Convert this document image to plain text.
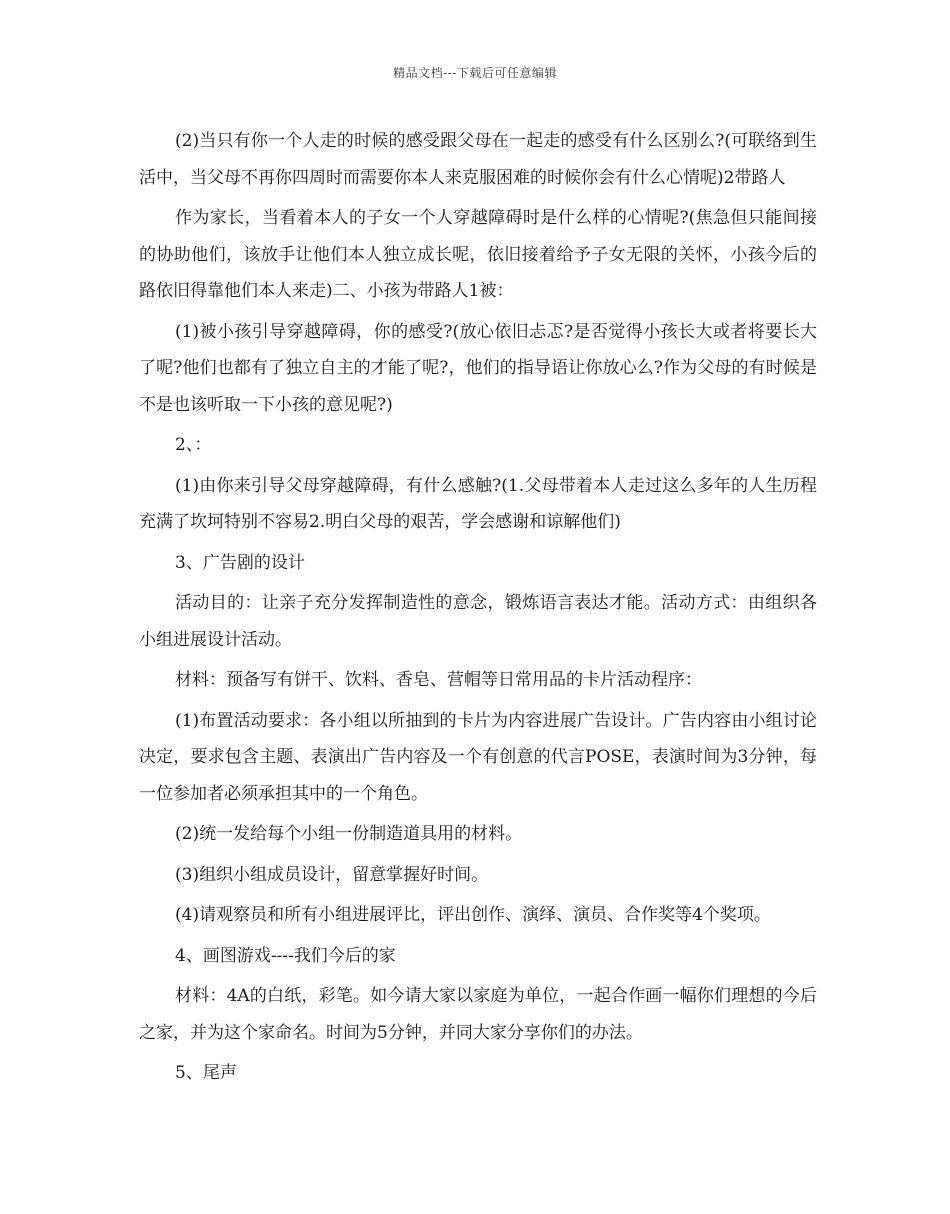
精品文档---下载后可任意编辑

(2)当只有你一个人走的时候的感受跟父母在一起走的感受有什么区别么?(可联络到生活中，当父母不再你四周时而需要你本人来克服困难的时候你会有什么心情呢)2带路人

作为家长，当看着本人的子女一个人穿越障碍时是什么样的心情呢?(焦急但只能间接的协助他们，该放手让他们本人独立成长呢，依旧接着给予子女无限的关怀，小孩今后的路依旧得靠他们本人来走)二、小孩为带路人1被：

(1)被小孩引导穿越障碍，你的感受?(放心依旧忐忑?是否觉得小孩长大或者将要长大了呢?他们也都有了独立自主的才能了呢?，他们的指导语让你放心么?作为父母的有时候是不是也该听取一下小孩的意见呢?)

2、：

(1)由你来引导父母穿越障碍，有什么感触?(1.父母带着本人走过这么多年的人生历程充满了坎坷特别不容易2.明白父母的艰苦，学会感谢和谅解他们)

3、广告剧的设计

活动目的：让亲子充分发挥制造性的意念，锻炼语言表达才能。活动方式：由组织各小组进展设计活动。

材料：预备写有饼干、饮料、香皂、营帽等日常用品的卡片活动程序：

(1)布置活动要求：各小组以所抽到的卡片为内容进展广告设计。广告内容由小组讨论决定，要求包含主题、表演出广告内容及一个有创意的代言POSE，表演时间为3分钟，每一位参加者必须承担其中的一个角色。

(2)统一发给每个小组一份制造道具用的材料。

(3)组织小组成员设计，留意掌握好时间。

(4)请观察员和所有小组进展评比，评出创作、演绎、演员、合作奖等4个奖项。

4、画图游戏----我们今后的家

材料：4A的白纸，彩笔。如今请大家以家庭为单位，一起合作画一幅你们理想的今后之家，并为这个家命名。时间为5分钟，并同大家分享你们的办法。

5、尾声
